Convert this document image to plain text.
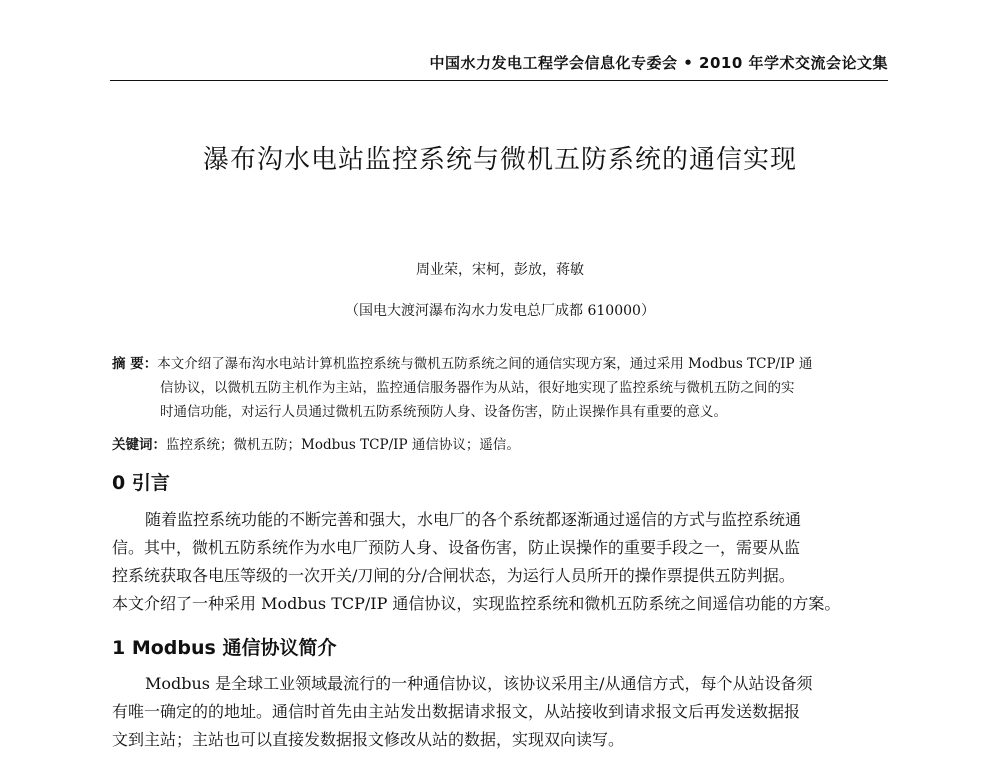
中国水力发电工程学会信息化专委会 • 2010 年学术交流会论文集
瀑布沟水电站监控系统与微机五防系统的通信实现
周业荣，宋柯，彭放，蒋敏
（国电大渡河瀑布沟水力发电总厂成都 610000）
摘 要：本文介绍了瀑布沟水电站计算机监控系统与微机五防系统之间的通信实现方案，通过采用 Modbus TCP/IP 通
信协议，以微机五防主机作为主站，监控通信服务器作为从站，很好地实现了监控系统与微机五防之间的实
时通信功能，对运行人员通过微机五防系统预防人身、设备伤害，防止误操作具有重要的意义。
关键词：监控系统；微机五防；Modbus TCP/IP 通信协议；遥信。
0 引言
随着监控系统功能的不断完善和强大，水电厂的各个系统都逐渐通过遥信的方式与监控系统通
信。其中，微机五防系统作为水电厂预防人身、设备伤害，防止误操作的重要手段之一，需要从监
控系统获取各电压等级的一次开关/刀闸的分/合闸状态，为运行人员所开的操作票提供五防判据。
本文介绍了一种采用 Modbus TCP/IP 通信协议，实现监控系统和微机五防系统之间遥信功能的方案。
1 Modbus 通信协议简介
Modbus 是全球工业领域最流行的一种通信协议，该协议采用主/从通信方式，每个从站设备须
有唯一确定的的地址。通信时首先由主站发出数据请求报文，从站接收到请求报文后再发送数据报
文到主站；主站也可以直接发数据报文修改从站的数据，实现双向读写。
